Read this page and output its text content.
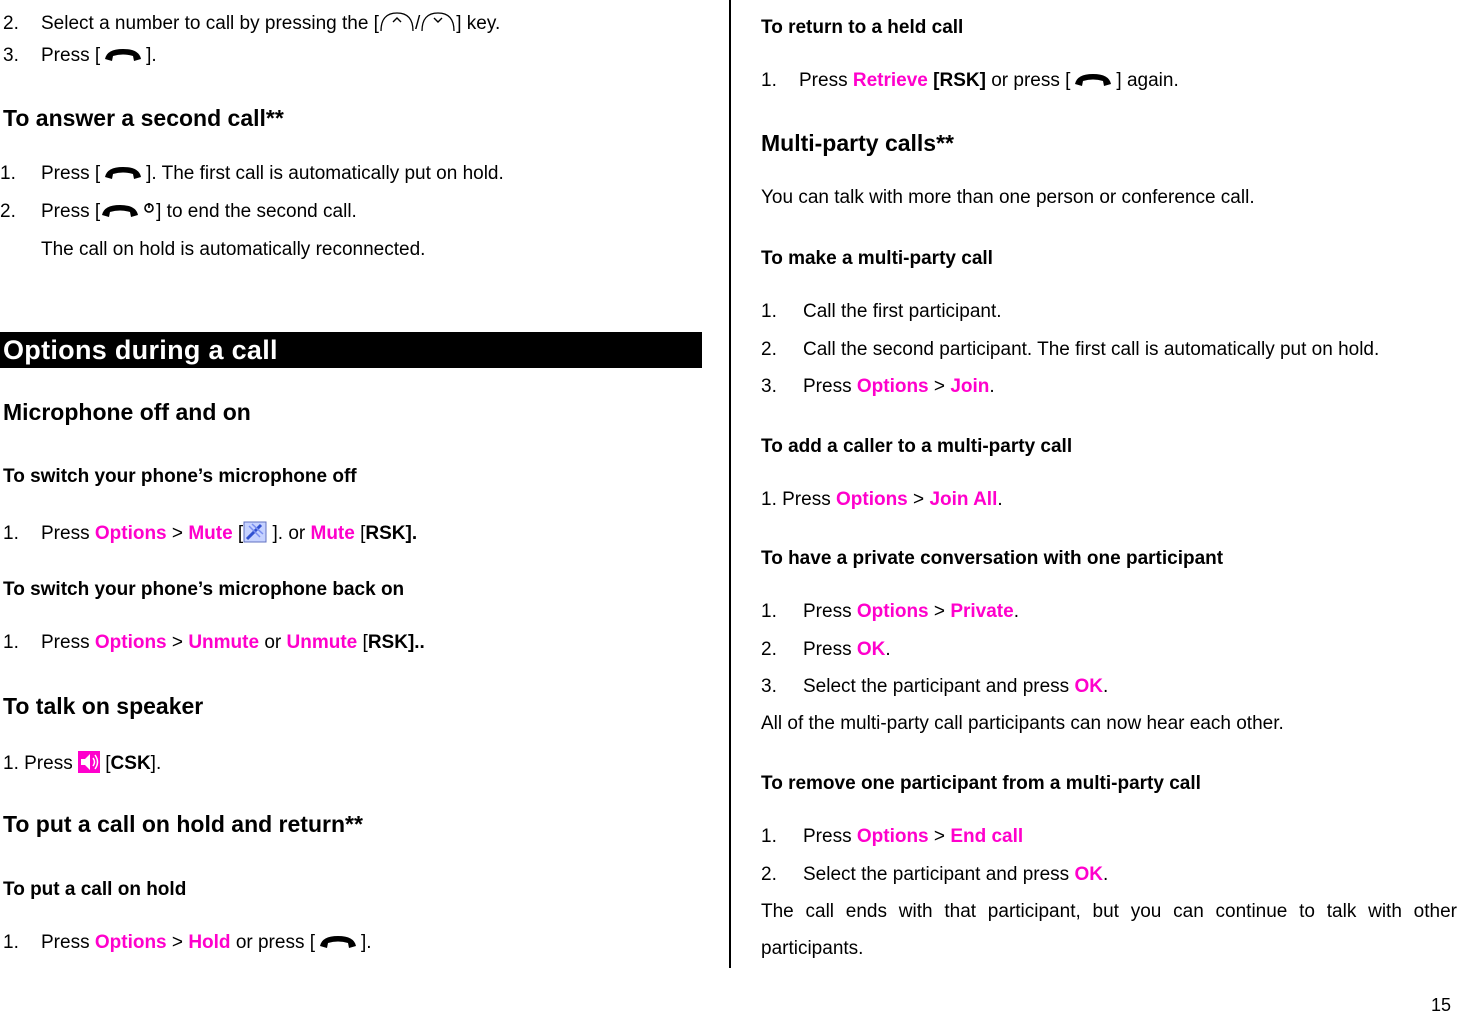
2. Select a number to call by pressing the [ / ] key.
3. Press [ ].
To answer a second call**
1. Press [ ]. The first call is automatically put on hold.
2. Press [	] to end the second call.
The call on hold is automatically reconnected.
Options during a call
Microphone off and on
To switch your phone’s microphone off
1. Press Options > Mute [ ]. or Mute [RSK].
To switch your phone’s microphone back on
1. Press Options > Unmute or Unmute [RSK]..
To talk on speaker
1. Press [CSK].
To put a call on hold and return**
To put a call on hold
1. Press Options > Hold or press [ ].
To return to a held call
1. Press Retrieve [RSK] or press [ ] again.
Multi-party calls**
You can talk with more than one person or conference call.
To make a multi-party call
1. Call the first participant.
2. Call the second participant. The first call is automatically put on hold.
3. Press Options > Join.
To add a caller to a multi-party call
1. Press Options > Join All.
To have a private conversation with one participant
1. Press Options > Private.
2. Press OK.
3. Select the participant and press OK.
All of the multi-party call participants can now hear each other.
To remove one participant from a multi-party call
1. Press Options > End call
2. Select the participant and press OK.
The call ends with that participant, but you can continue to talk with other
participants.
15
